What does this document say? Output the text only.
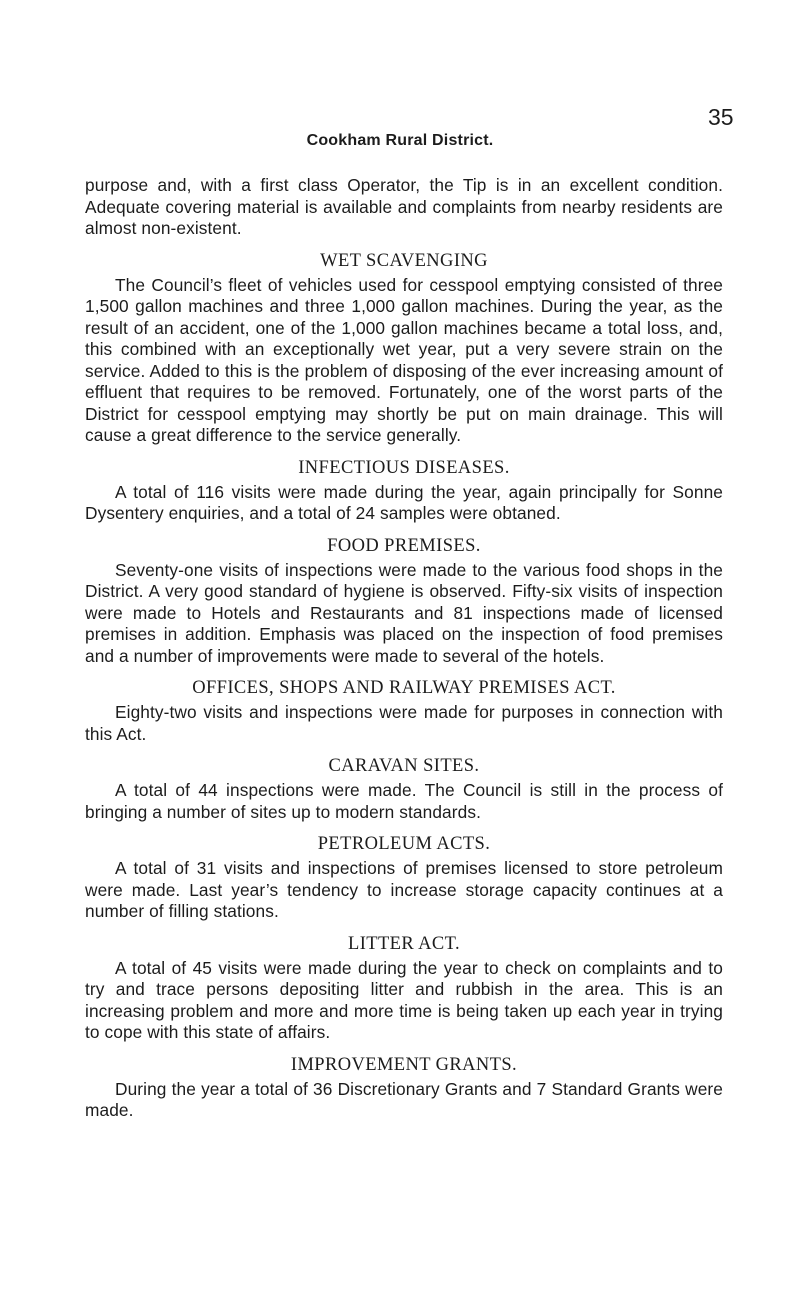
35
Cookham Rural District.

purpose and, with a first class Operator, the Tip is in an excellent condition. Adequate covering material is available and complaints from nearby residents are almost non-existent.

WET SCAVENGING

The Council’s fleet of vehicles used for cesspool emptying consisted of three 1,500 gallon machines and three 1,000 gallon machines. During the year, as the result of an accident, one of the 1,000 gallon machines became a total loss, and, this combined with an exceptionally wet year, put a very severe strain on the service. Added to this is the problem of disposing of the ever increasing amount of effluent that requires to be removed. Fortunately, one of the worst parts of the District for cesspool emptying may shortly be put on main drainage. This will cause a great difference to the service generally.

INFECTIOUS DISEASES.

A total of 116 visits were made during the year, again principally for Sonne Dysentery enquiries, and a total of 24 samples were obtaned.

FOOD PREMISES.

Seventy-one visits of inspections were made to the various food shops in the District. A very good standard of hygiene is observed. Fifty-six visits of inspection were made to Hotels and Restaurants and 81 inspections made of licensed premises in addition. Emphasis was placed on the inspection of food premises and a number of improvements were made to several of the hotels.

OFFICES, SHOPS AND RAILWAY PREMISES ACT.

Eighty-two visits and inspections were made for purposes in connection with this Act.

CARAVAN SITES.

A total of 44 inspections were made. The Council is still in the process of bringing a number of sites up to modern standards.

PETROLEUM ACTS.

A total of 31 visits and inspections of premises licensed to store petroleum were made. Last year’s tendency to increase storage capacity continues at a number of filling stations.

LITTER ACT.

A total of 45 visits were made during the year to check on complaints and to try and trace persons depositing litter and rubbish in the area. This is an increasing problem and more and more time is being taken up each year in trying to cope with this state of affairs.

IMPROVEMENT GRANTS.

During the year a total of 36 Discretionary Grants and 7 Standard Grants were made.
